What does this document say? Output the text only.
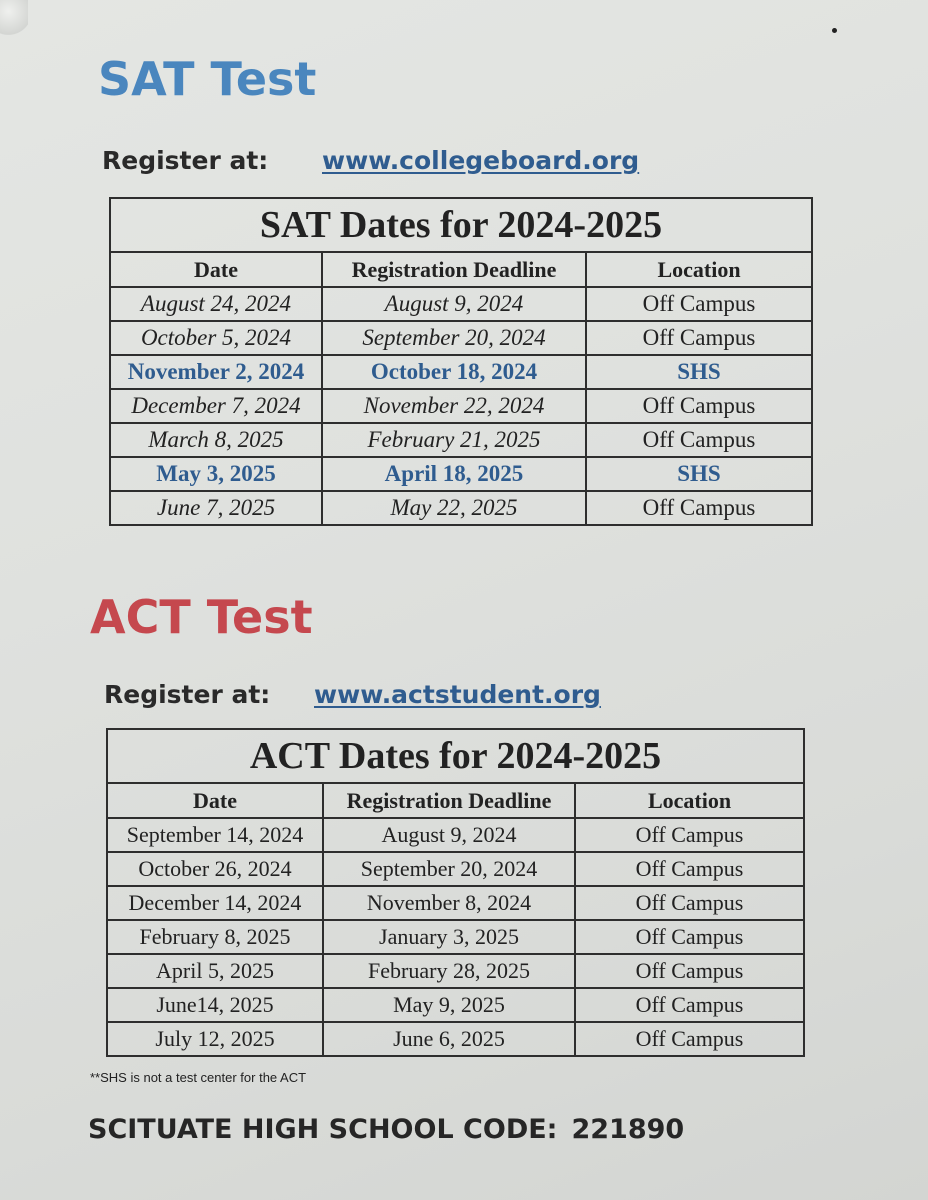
SAT Test
Register at: www.collegeboard.org
SAT Dates for 2024-2025		
Date	Registration Deadline	Location
August 24, 2024	August 9, 2024	Off Campus
October 5, 2024	September 20, 2024	Off Campus
November 2, 2024	October 18, 2024	SHS
December 7, 2024	November 22, 2024	Off Campus
March 8, 2025	February 21, 2025	Off Campus
May 3, 2025	April 18, 2025	SHS
June 7, 2025	May 22, 2025	Off Campus
ACT Test
Register at: www.actstudent.org
ACT Dates for 2024-2025		
Date	Registration Deadline	Location
September 14, 2024	August 9, 2024	Off Campus
October 26, 2024	September 20, 2024	Off Campus
December 14, 2024	November 8, 2024	Off Campus
February 8, 2025	January 3, 2025	Off Campus
April 5, 2025	February 28, 2025	Off Campus
June14, 2025	May 9, 2025	Off Campus
July 12, 2025	June 6, 2025	Off Campus
**SHS is not a test center for the ACT
SCITUATE HIGH SCHOOL CODE: 221890
